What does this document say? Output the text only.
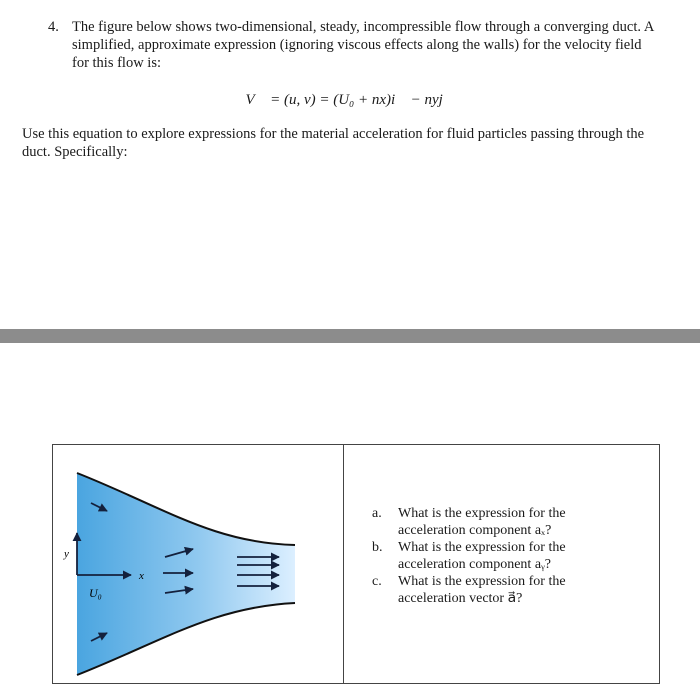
4. The figure below shows two-dimensional, steady, incompressible flow through a converging duct. A simplified, approximate expression (ignoring viscous effects along the walls) for the velocity field for this flow is:
V⃗ = (u, v) = (U₀ + nx)i⃗ − nyj⃗
Use this equation to explore expressions for the material acceleration for fluid particles passing through the duct. Specifically:
y
x
U₀

a. What is the expression for the acceleration component aₓ?

b. What is the expression for the acceleration component aᵧ?

c. What is the expression for the acceleration vector a⃗?
